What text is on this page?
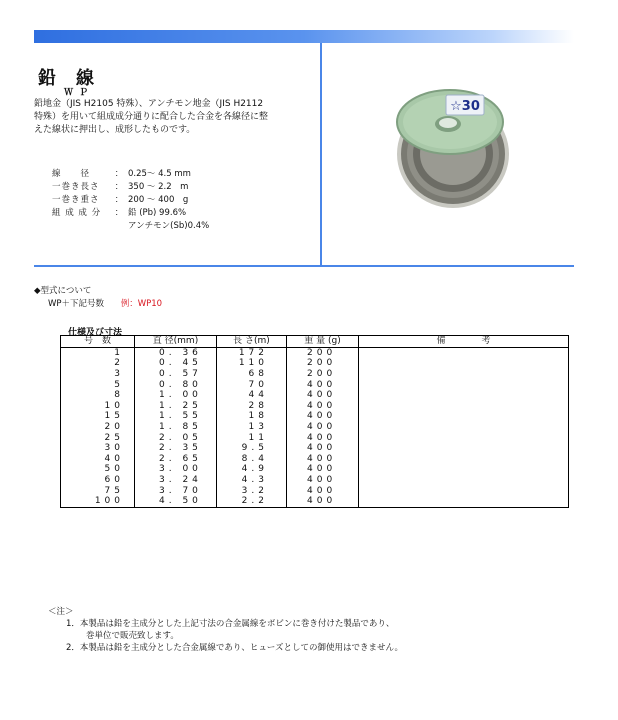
鉛　線
ＷＰ
鉛地金（JIS H2105 特殊）、アンチモン地金（JIS H2112
特殊）を用いて組成成分通りに配合した合金を各線径に整
えた線状に押出し、成形したものです。
線　　径	：	0.25～ 4.5 mm
一巻き長さ	：	350 ～ 2.2　m
一巻き重さ	：	200 ～ 400　g
組 成 成 分	：	鉛 (Pb) 99.6%
		アンチモン(Sb)0.4%
☆30
◆型式について
WP＋下記号数 例：WP10
仕様及び寸法
号　数	直 径(mm)	長 さ(m)	重 量 (g)	備　　　　考
1	0. 36	172	200	
2	0. 45	110	200	
3	0. 57	68	200	
5	0. 80	70	400	
8	1. 00	44	400	
10	1. 25	28	400	
15	1. 55	18	400	
20	1. 85	13	400	
25	2. 05	11	400	
30	2. 35	9.5	400	
40	2. 65	8.4	400	
50	3. 00	4.9	400	
60	3. 24	4.3	400	
75	3. 70	3.2	400	
100	4. 50	2.2	400	
＜注＞
1．本製品は鉛を主成分とした上記寸法の合金属線をボビンに巻き付けた製品であり、
巻単位で販売致します。
2．本製品は鉛を主成分とした合金属線であり、ヒューズとしての御使用はできません。
